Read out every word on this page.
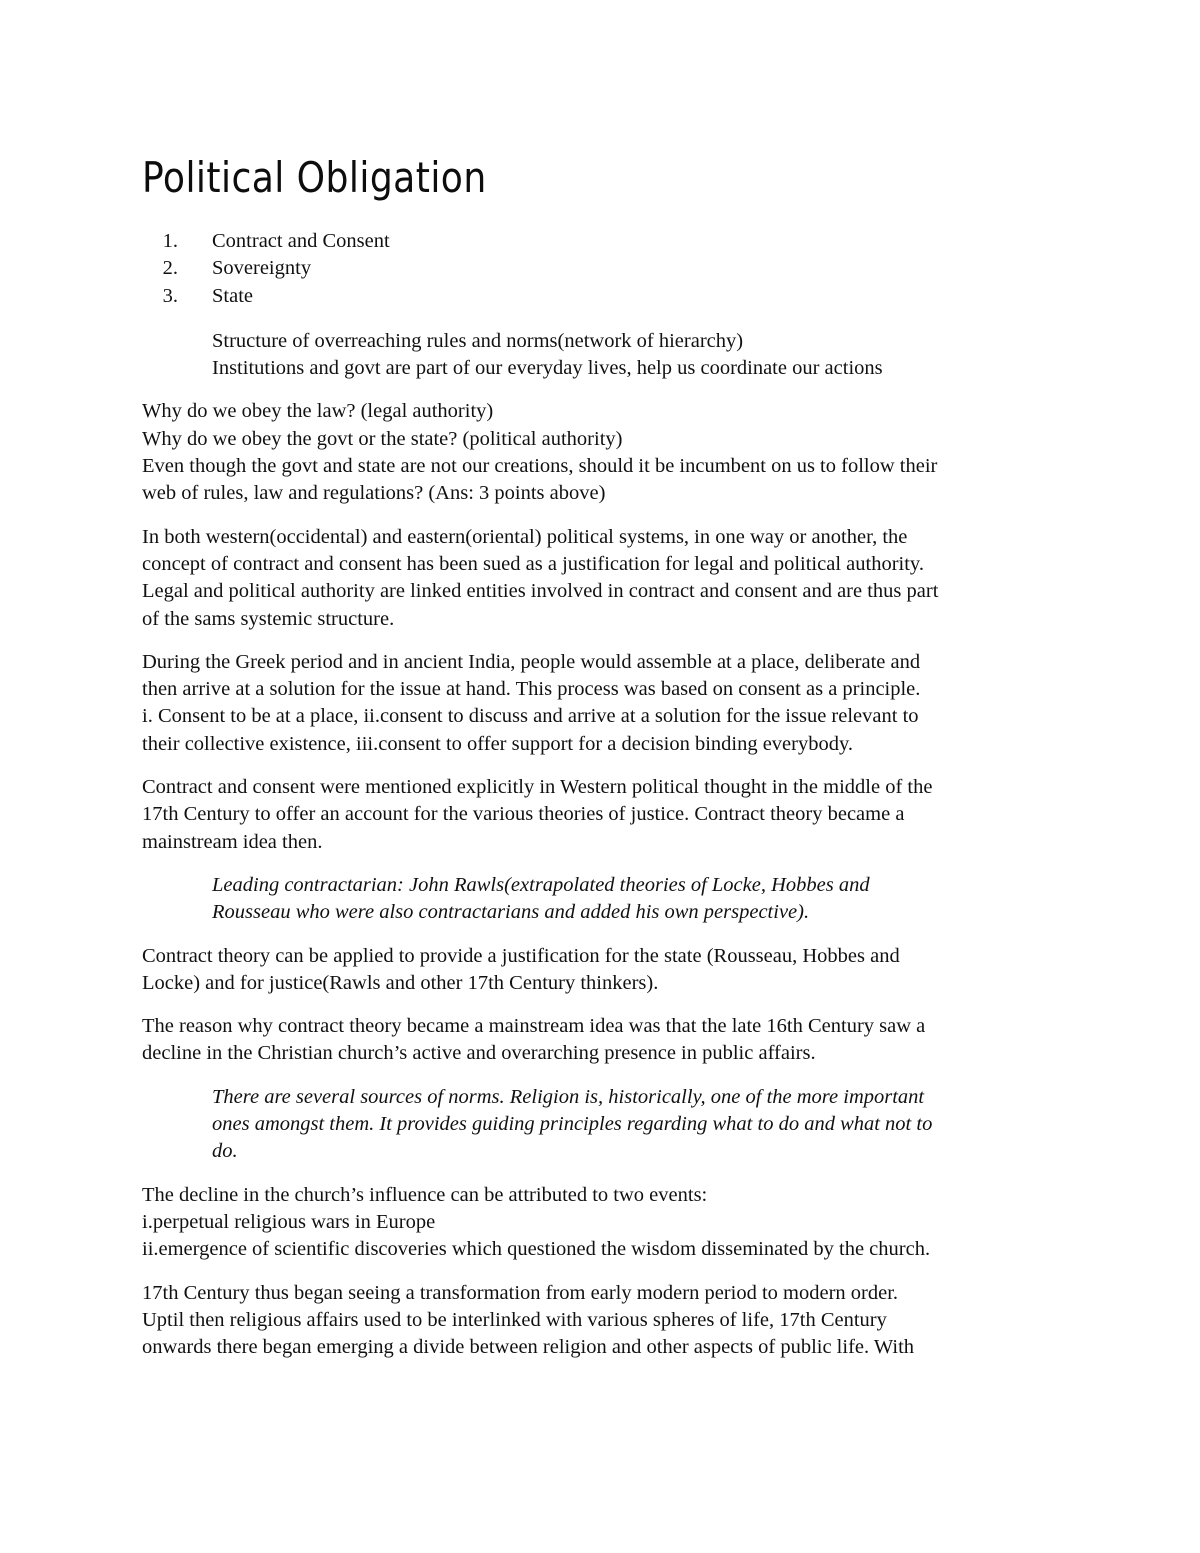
Political Obligation
1.	Contract and Consent
2.	Sovereignty
3.	State
Structure of overreaching rules and norms(network of hierarchy)
Institutions and govt are part of our everyday lives, help us coordinate our actions
Why do we obey the law? (legal authority)
Why do we obey the govt or the state? (political authority)
Even though the govt and state are not our creations, should it be incumbent on us to follow their
web of rules, law and regulations? (Ans: 3 points above)
In both western(occidental) and eastern(oriental) political systems, in one way or another, the
concept of contract and consent has been sued as a justification for legal and political authority.
Legal and political authority are linked entities involved in contract and consent and are thus part
of the sams systemic structure.
During the Greek period and in ancient India, people would assemble at a place, deliberate and
then arrive at a solution for the issue at hand. This process was based on consent as a principle.
i. Consent to be at a place, ii.consent to discuss and arrive at a solution for the issue relevant to
their collective existence, iii.consent to offer support for a decision binding everybody.
Contract and consent were mentioned explicitly in Western political thought in the middle of the
17th Century to offer an account for the various theories of justice. Contract theory became a
mainstream idea then.
Leading contractarian: John Rawls(extrapolated theories of Locke, Hobbes and
Rousseau who were also contractarians and added his own perspective).
Contract theory can be applied to provide a justification for the state (Rousseau, Hobbes and
Locke) and for justice(Rawls and other 17th Century thinkers).
The reason why contract theory became a mainstream idea was that the late 16th Century saw a
decline in the Christian church’s active and overarching presence in public affairs.
There are several sources of norms. Religion is, historically, one of the more important
ones amongst them. It provides guiding principles regarding what to do and what not to
do.
The decline in the church’s influence can be attributed to two events:
i.perpetual religious wars in Europe
ii.emergence of scientific discoveries which questioned the wisdom disseminated by the church.
17th Century thus began seeing a transformation from early modern period to modern order.
Uptil then religious affairs used to be interlinked with various spheres of life, 17th Century
onwards there began emerging a divide between religion and other aspects of public life. With
